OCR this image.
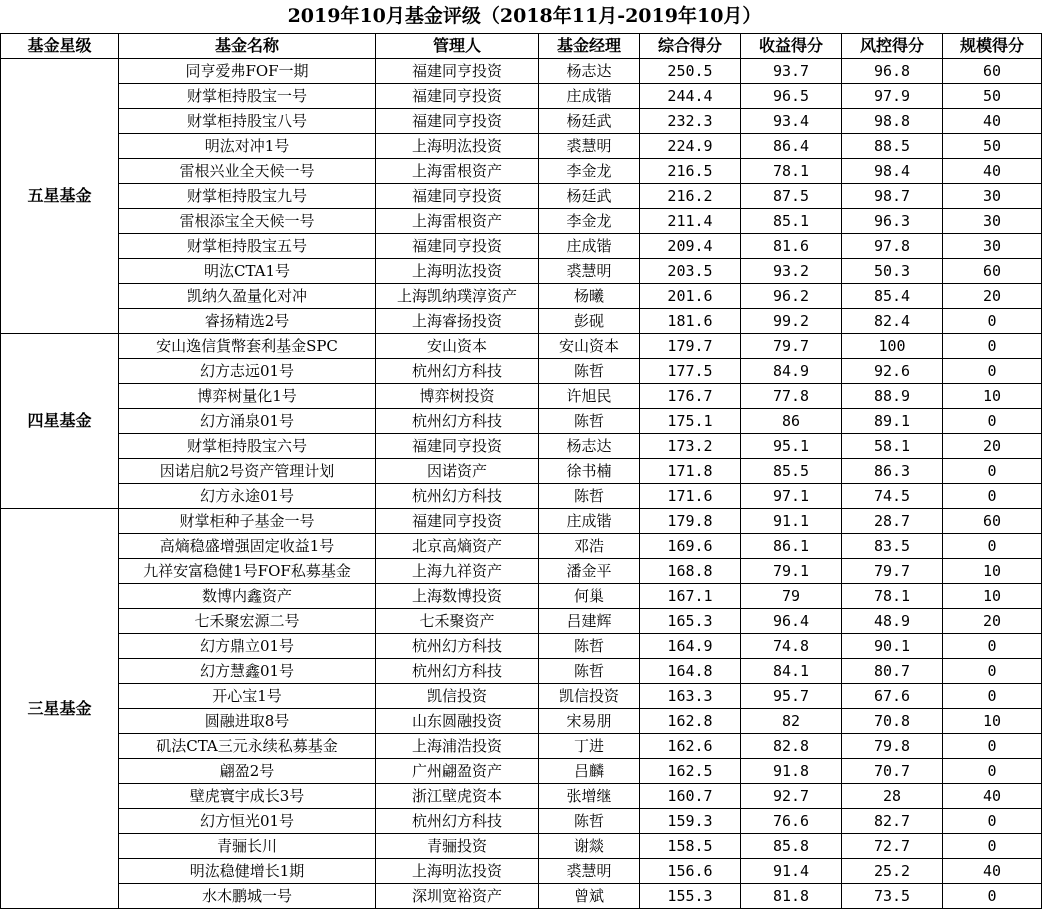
2019年10月基金评级（2018年11月-2019年10月）
基金星级	基金名称	管理人	基金经理	综合得分	收益得分	风控得分	规模得分
五星基金	同亨爱弗FOF一期	福建同亨投资	杨志达	250.5	93.7	96.8	60
	财掌柜持股宝一号	福建同亨投资	庄成锴	244.4	96.5	97.9	50
	财掌柜持股宝八号	福建同亨投资	杨廷武	232.3	93.4	98.8	40
	明汯对冲1号	上海明汯投资	裘慧明	224.9	86.4	88.5	50
	雷根兴业全天候一号	上海雷根资产	李金龙	216.5	78.1	98.4	40
	财掌柜持股宝九号	福建同亨投资	杨廷武	216.2	87.5	98.7	30
	雷根添宝全天候一号	上海雷根资产	李金龙	211.4	85.1	96.3	30
	财掌柜持股宝五号	福建同亨投资	庄成锴	209.4	81.6	97.8	30
	明汯CTA1号	上海明汯投资	裘慧明	203.5	93.2	50.3	60
	凯纳久盈量化对冲	上海凯纳璞淳资产	杨曦	201.6	96.2	85.4	20
	睿扬精选2号	上海睿扬投资	彭砚	181.6	99.2	82.4	0
四星基金	安山逸信貨幣套利基金SPC	安山资本	安山资本	179.7	79.7	100	0
	幻方志远01号	杭州幻方科技	陈哲	177.5	84.9	92.6	0
	博弈树量化1号	博弈树投资	许旭民	176.7	77.8	88.9	10
	幻方涌泉01号	杭州幻方科技	陈哲	175.1	86	89.1	0
	财掌柜持股宝六号	福建同亨投资	杨志达	173.2	95.1	58.1	20
	因诺启航2号资产管理计划	因诺资产	徐书楠	171.8	85.5	86.3	0
	幻方永途01号	杭州幻方科技	陈哲	171.6	97.1	74.5	0
三星基金	财掌柜种子基金一号	福建同亨投资	庄成锴	179.8	91.1	28.7	60
	高熵稳盛增强固定收益1号	北京高熵资产	邓浩	169.6	86.1	83.5	0
	九祥安富稳健1号FOF私募基金	上海九祥资产	潘金平	168.8	79.1	79.7	10
	数博内鑫资产	上海数博投资	何巢	167.1	79	78.1	10
	七禾聚宏源二号	七禾聚资产	吕建辉	165.3	96.4	48.9	20
	幻方鼎立01号	杭州幻方科技	陈哲	164.9	74.8	90.1	0
	幻方慧鑫01号	杭州幻方科技	陈哲	164.8	84.1	80.7	0
	开心宝1号	凯信投资	凯信投资	163.3	95.7	67.6	0
	圆融进取8号	山东圆融投资	宋易朋	162.8	82	70.8	10
	矶法CTA三元永续私募基金	上海浦浩投资	丁进	162.6	82.8	79.8	0
	翩盈2号	广州翩盈资产	吕麟	162.5	91.8	70.7	0
	壁虎寰宇成长3号	浙江壁虎资本	张增继	160.7	92.7	28	40
	幻方恒光01号	杭州幻方科技	陈哲	159.3	76.6	82.7	0
	青骊长川	青骊投资	谢燚	158.5	85.8	72.7	0
	明汯稳健增长1期	上海明汯投资	裘慧明	156.6	91.4	25.2	40
	水木鹏城一号	深圳宽裕资产	曾斌	155.3	81.8	73.5	0
